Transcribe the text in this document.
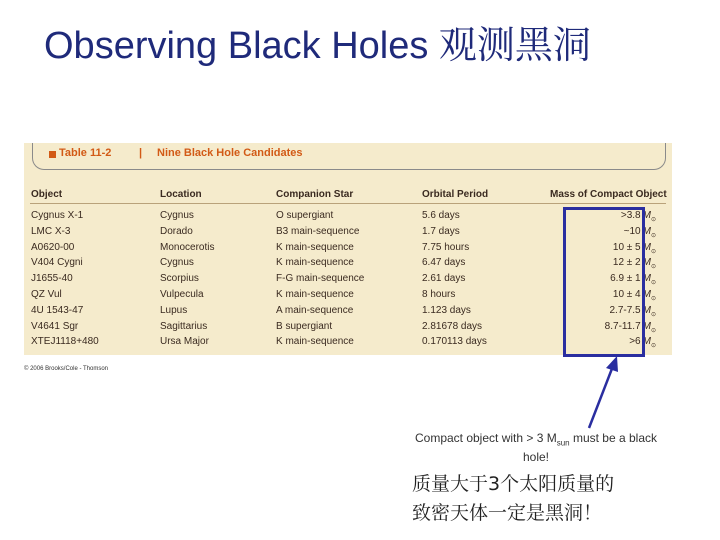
Observing Black Holes 观测黑洞
Table 11-2	| Nine Black Hole Candidates
Object	Location	Companion Star	Orbital Period	Mass of Compact Object
Cygnus X-1	Cygnus	O supergiant	5.6 days	>3.8 $M_⊙$
LMC X-3	Dorado	B3 main-sequence	1.7 days	~10 $M_⊙$
A0620-00	Monocerotis	K main-sequence	7.75 hours	10 ± 5 $M_⊙$
V404 Cygni	Cygnus	K main-sequence	6.47 days	12 ± 2 $M_⊙$
J1655-40	Scorpius	F-G main-sequence	2.61 days	6.9 ± 1 $M_⊙$
QZ Vul	Vulpecula	K main-sequence	8 hours	10 ± 4 $M_⊙$
4U 1543-47	Lupus	A main-sequence	1.123 days	2.7-7.5 $M_⊙$
V4641 Sgr	Sagittarius	B supergiant	2.81678 days	8.7-11.7 $M_⊙$
XTEJ1118+480	Ursa Major	K main-sequence	0.170113 days	>6 $M_⊙$
© 2006 Brooks/Cole - Thomson
Compact object with > 3 $M_{sun}$ must be a black hole!
质量大于3个太阳质量的
致密天体一定是黑洞！
